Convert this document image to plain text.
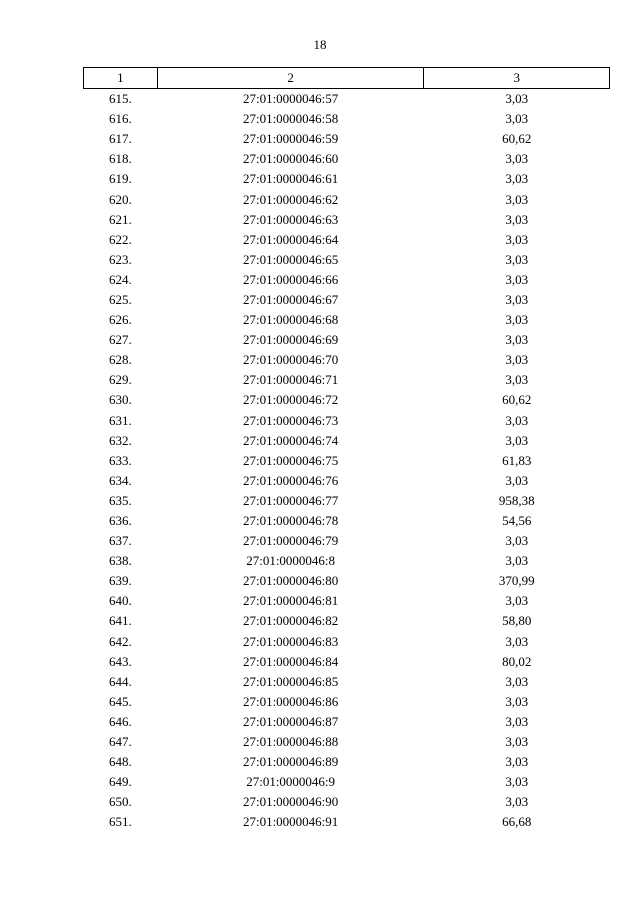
18
1	2	3
615.	27:01:0000046:57	3,03
616.	27:01:0000046:58	3,03
617.	27:01:0000046:59	60,62
618.	27:01:0000046:60	3,03
619.	27:01:0000046:61	3,03
620.	27:01:0000046:62	3,03
621.	27:01:0000046:63	3,03
622.	27:01:0000046:64	3,03
623.	27:01:0000046:65	3,03
624.	27:01:0000046:66	3,03
625.	27:01:0000046:67	3,03
626.	27:01:0000046:68	3,03
627.	27:01:0000046:69	3,03
628.	27:01:0000046:70	3,03
629.	27:01:0000046:71	3,03
630.	27:01:0000046:72	60,62
631.	27:01:0000046:73	3,03
632.	27:01:0000046:74	3,03
633.	27:01:0000046:75	61,83
634.	27:01:0000046:76	3,03
635.	27:01:0000046:77	958,38
636.	27:01:0000046:78	54,56
637.	27:01:0000046:79	3,03
638.	27:01:0000046:8	3,03
639.	27:01:0000046:80	370,99
640.	27:01:0000046:81	3,03
641.	27:01:0000046:82	58,80
642.	27:01:0000046:83	3,03
643.	27:01:0000046:84	80,02
644.	27:01:0000046:85	3,03
645.	27:01:0000046:86	3,03
646.	27:01:0000046:87	3,03
647.	27:01:0000046:88	3,03
648.	27:01:0000046:89	3,03
649.	27:01:0000046:9	3,03
650.	27:01:0000046:90	3,03
651.	27:01:0000046:91	66,68
